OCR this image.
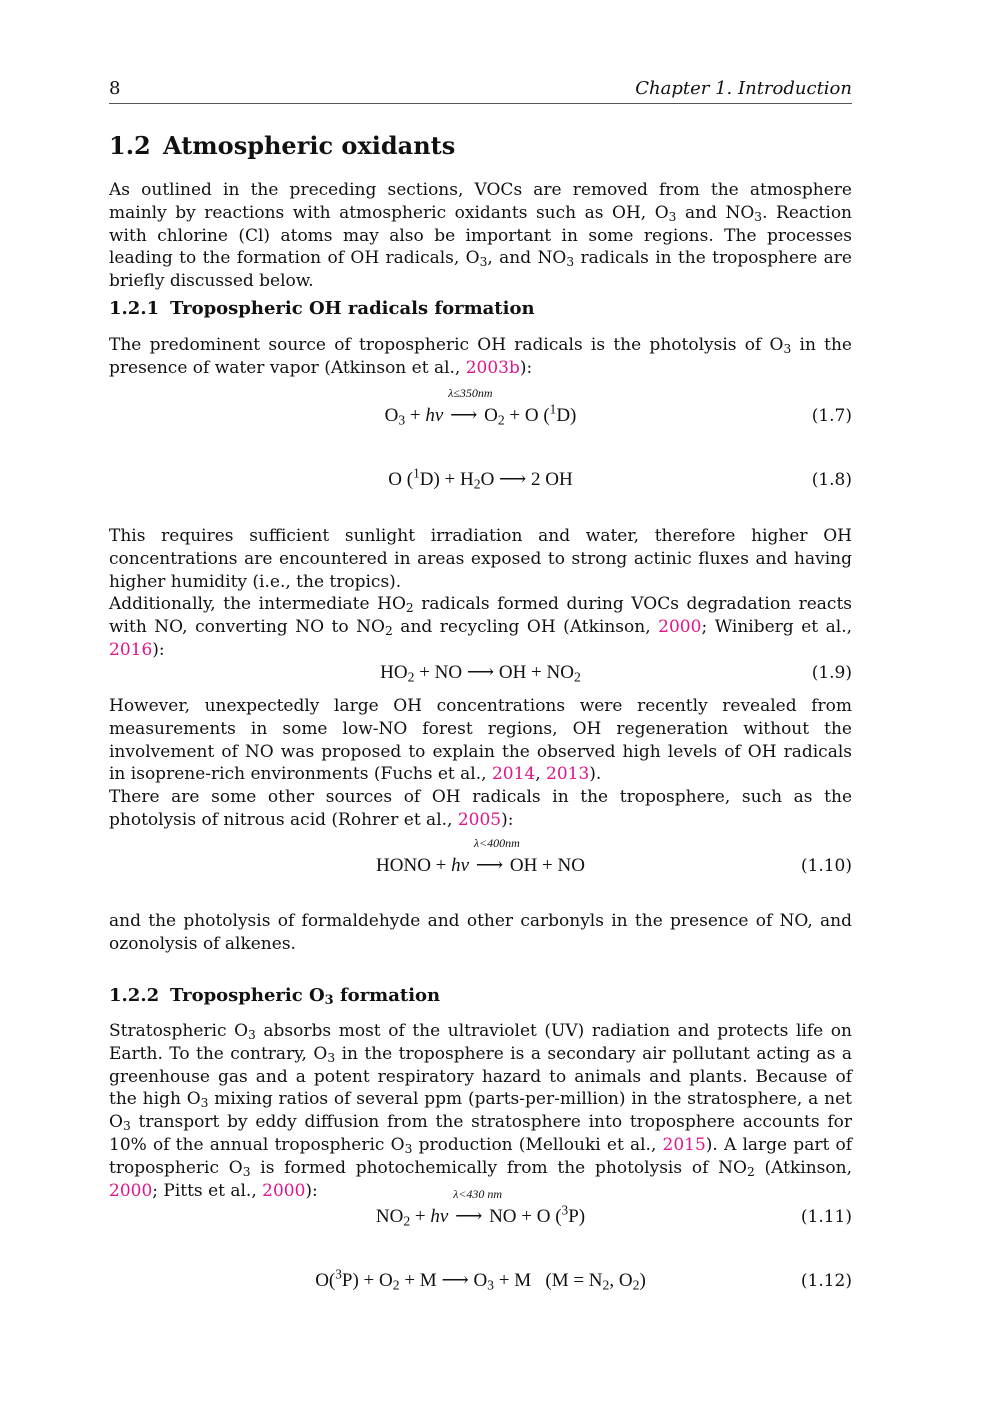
8	Chapter 1. Introduction
1.2 Atmospheric oxidants

As outlined in the preceding sections, VOCs are removed from the atmosphere mainly by reactions with atmospheric oxidants such as OH, $O_3$ and $NO_3$. Reaction with chlorine (Cl) atoms may also be important in some regions. The processes leading to the formation of OH radicals, $O_3$, and $NO_3$ radicals in the troposphere are briefly discussed below.

1.2.1 Tropospheric OH radicals formation

The predominent source of tropospheric OH radicals is the photolysis of $O_3$ in the presence of water vapor (Atkinson et al., 2003b):

$O_3$ + hv
λ≤350nm
⟶ $O_2 + O$ ($^1$D)	(1.7)
O $(^1D) + H_2O$ ⟶ 2 OH	(1.8)

This requires sufficient sunlight irradiation and water, therefore higher OH concentrations are encountered in areas exposed to strong actinic fluxes and having higher humidity (i.e., the tropics).
Additionally, the intermediate $HO_2$ radicals formed during VOCs degradation reacts with NO, converting NO to $NO_2$ and recycling OH (Atkinson, 2000; Winiberg et al., 2016):

$HO_2$ + NO ⟶ OH + $NO_2$	(1.9)

However, unexpectedly large OH concentrations were recently revealed from measurements in some low-NO forest regions, OH regeneration without the involvement of NO was proposed to explain the observed high levels of OH radicals in isoprene-rich environments (Fuchs et al., 2014, 2013).
There are some other sources of OH radicals in the troposphere, such as the photolysis of nitrous acid (Rohrer et al., 2005):

HONO + hv
λ<400nm
⟶ OH + NO	(1.10)

and the photolysis of formaldehyde and other carbonyls in the presence of NO, and ozonolysis of alkenes.

1.2.2 Tropospheric $O_3$ formation

Stratospheric $O_3$ absorbs most of the ultraviolet (UV) radiation and protects life on Earth. To the contrary, $O_3$ in the troposphere is a secondary air pollutant acting as a greenhouse gas and a potent respiratory hazard to animals and plants. Because of the high $O_3$ mixing ratios of several ppm (parts-per-million) in the stratosphere, a net $O_3$ transport by eddy diffusion from the stratosphere into troposphere accounts for 10% of the annual tropospheric $O_3$ production (Mellouki et al., 2015). A large part of tropospheric $O_3$ is formed photochemically from the photolysis of $NO_2$ (Atkinson, 2000; Pitts et al., 2000):

$NO_2$ + hv
λ<430 nm
⟶ NO + O ($^3$P)	(1.11)
$O(^3P) + O_2 + M$ ⟶ $O_3 + M$   ($M = N_2$, $O_2$)	(1.12)
